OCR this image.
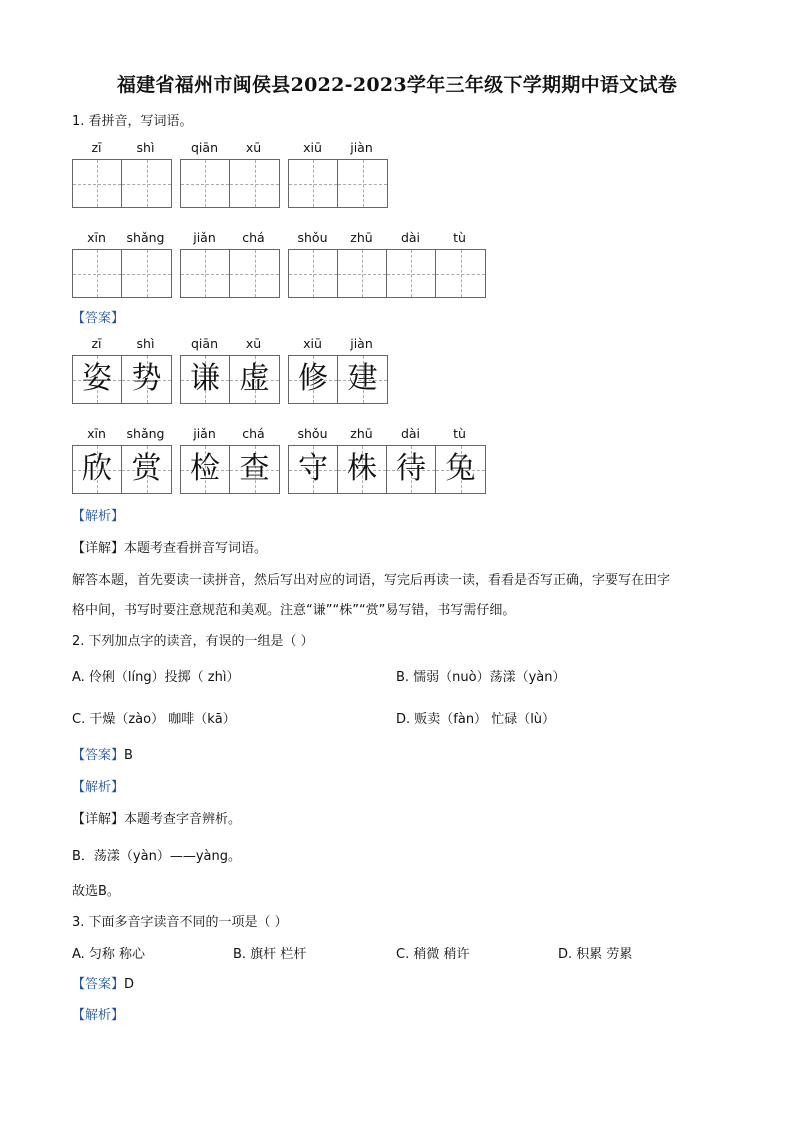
福建省福州市闽侯县2022-2023学年三年级下学期期中语文试卷
1. 看拼音，写词语。
zī	shì	qiān	xū	xiū	jiàn
xīn	shǎng	jiǎn	chá	shǒu	zhū	dài	tù
【答案】
zī	shì
姿 势
qiān	xū
谦 虚
xiū	jiàn
修 建
xīn	shǎng
欣 赏
jiǎn	chá
检 查
shǒu	zhū	dài	tù
守 株 待 兔
【解析】
【详解】本题考查看拼音写词语。
解答本题，首先要读一读拼音，然后写出对应的词语，写完后再读一读，看看是否写正确，字要写在田字
格中间，书写时要注意规范和美观。注意“谦”“株”“赏”易写错，书写需仔细。
2. 下列加点字的读音，有误的一组是（ ）
A. 伶俐（líng）投掷（ zhì）	B. 懦弱（nuò）荡漾（yàn）
C. 干燥（zào） 咖啡（kā）	D. 贩卖（fàn） 忙碌（lù）
【答案】B
【解析】
【详解】本题考查字音辨析。
B．荡漾（yàn）——yàng。
故选B。
3. 下面多音字读音不同的一项是（ ）
A. 匀称 称心	B. 旗杆 栏杆	C. 稍微 稍许	D. 积累 劳累
【答案】D
【解析】
